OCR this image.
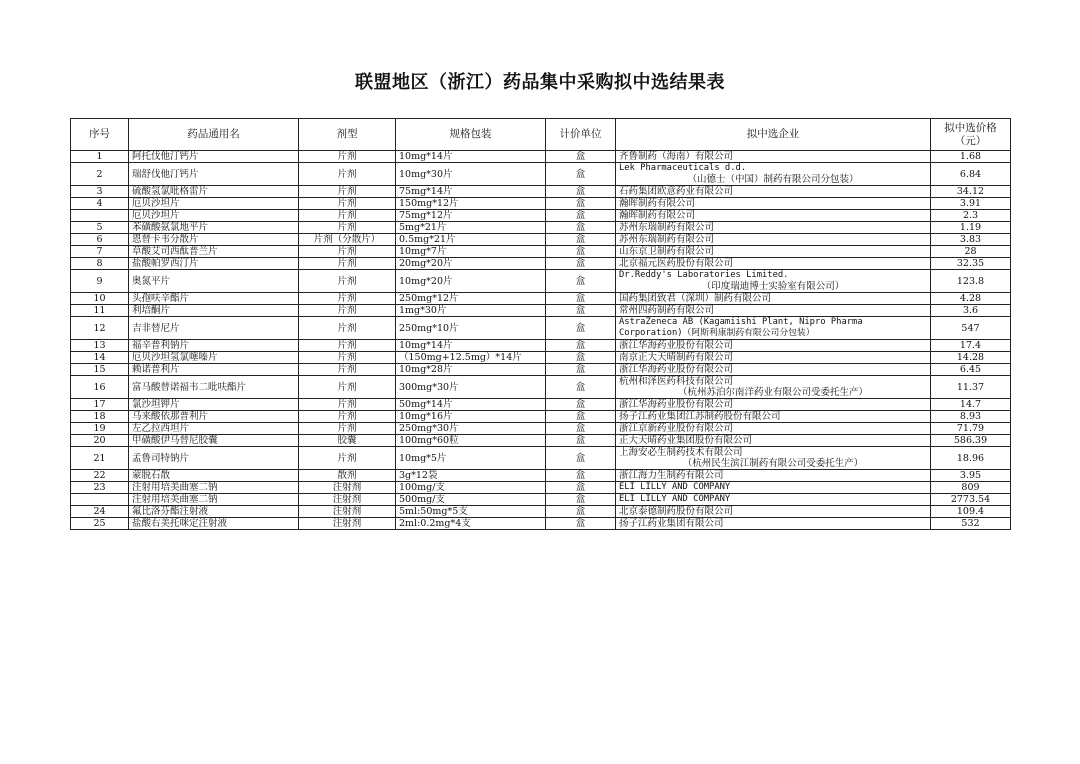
联盟地区（浙江）药品集中采购拟中选结果表
序号	药品通用名	剂型	规格包装	计价单位	拟中选企业	拟中选价格
（元）
1	阿托伐他汀钙片	片剂	10mg*14片	盒	齐鲁制药（海南）有限公司	1.68
2	瑞舒伐他汀钙片	片剂	10mg*30片	盒	Lek Pharmaceuticals d.d.
（山德士（中国）制药有限公司分包装）	6.84
3	硫酸氢氯吡格雷片	片剂	75mg*14片	盒	石药集团欧意药业有限公司	34.12
4	厄贝沙坦片	片剂	150mg*12片	盒	瀚晖制药有限公司	3.91
	厄贝沙坦片	片剂	75mg*12片	盒	瀚晖制药有限公司	2.3
5	苯磺酸氨氯地平片	片剂	5mg*21片	盒	苏州东瑞制药有限公司	1.19
6	恩替卡韦分散片	片剂（分散片）	0.5mg*21片	盒	苏州东瑞制药有限公司	3.83
7	草酸艾司西酞普兰片	片剂	10mg*7片	盒	山东京卫制药有限公司	28
8	盐酸帕罗西汀片	片剂	20mg*20片	盒	北京福元医药股份有限公司	32.35
9	奥氮平片	片剂	10mg*20片	盒	Dr.Reddy's Laboratories Limited.
（印度瑞迪博士实验室有限公司）	123.8
10	头孢呋辛酯片	片剂	250mg*12片	盒	国药集团致君（深圳）制药有限公司	4.28
11	利培酮片	片剂	1mg*30片	盒	常州四药制药有限公司	3.6
12	吉非替尼片	片剂	250mg*10片	盒	AstraZeneca AB (Kagamiishi Plant, Nipro Pharma
Corporation)（阿斯利康制药有限公司分包装）	547
13	福辛普利钠片	片剂	10mg*14片	盒	浙江华海药业股份有限公司	17.4
14	厄贝沙坦氢氯噻嗪片	片剂	（150mg+12.5mg）*14片	盒	南京正大天晴制药有限公司	14.28
15	赖诺普利片	片剂	10mg*28片	盒	浙江华海药业股份有限公司	6.45
16	富马酸替诺福韦二吡呋酯片	片剂	300mg*30片	盒	杭州和泽医药科技有限公司
（杭州苏泊尔南洋药业有限公司受委托生产）	11.37
17	氯沙坦钾片	片剂	50mg*14片	盒	浙江华海药业股份有限公司	14.7
18	马来酸依那普利片	片剂	10mg*16片	盒	扬子江药业集团江苏制药股份有限公司	8.93
19	左乙拉西坦片	片剂	250mg*30片	盒	浙江京新药业股份有限公司	71.79
20	甲磺酸伊马替尼胶囊	胶囊	100mg*60粒	盒	正大天晴药业集团股份有限公司	586.39
21	孟鲁司特钠片	片剂	10mg*5片	盒	上海安必生制药技术有限公司
（杭州民生滨江制药有限公司受委托生产）	18.96
22	蒙脱石散	散剂	3g*12袋	盒	浙江海力生制药有限公司	3.95
23	注射用培美曲塞二钠	注射剂	100mg/支	盒	ELI LILLY AND COMPANY	809
	注射用培美曲塞二钠	注射剂	500mg/支	盒	ELI LILLY AND COMPANY	2773.54
24	氟比洛芬酯注射液	注射剂	5ml:50mg*5支	盒	北京泰德制药股份有限公司	109.4
25	盐酸右美托咪定注射液	注射剂	2ml:0.2mg*4支	盒	扬子江药业集团有限公司	532
